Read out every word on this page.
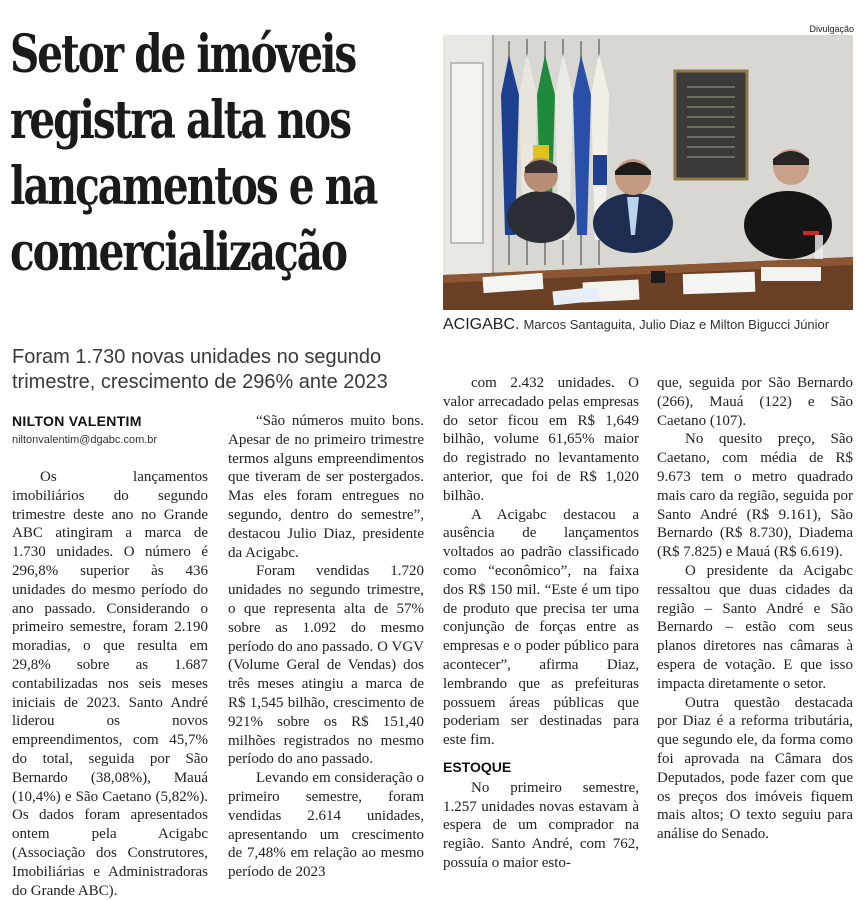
Setor de imóveis
registra alta nos
lançamentos e na
comercialização
Foram 1.730 novas unidades no segundo trimestre, crescimento de 296% ante 2023
Divulgação
ACIGABC. Marcos Santaguita, Julio Diaz e Milton Bigucci Júnior
NILTON VALENTIM
niltonvalentim@dgabc.com.br

Os lançamentos imobiliários do segundo trimestre deste ano no Grande ABC atingiram a marca de 1.730 unidades. O número é 296,8% superior às 436 unidades do mesmo período do ano passado. Considerando o primeiro semestre, foram 2.190 moradias, o que resulta em 29,8% sobre as 1.687 contabilizadas nos seis meses iniciais de 2023. Santo André liderou os novos empreendimentos, com 45,7% do total, seguida por São Bernardo (38,08%), Mauá (10,4%) e São Caetano (5,82%). Os dados foram apresentados ontem pela Acigabc (Associação dos Construtores, Imobiliárias e Administradoras do Grande ABC).

“São números muito bons. Apesar de no primeiro trimestre termos alguns empreendimentos que tiveram de ser postergados. Mas eles foram entregues no segundo, dentro do semestre”, destacou Julio Diaz, presidente da Acigabc.

Foram vendidas 1.720 unidades no segundo trimestre, o que representa alta de 57% sobre as 1.092 do mesmo período do ano passado. O VGV (Volume Geral de Vendas) dos três meses atingiu a marca de R$ 1,545 bilhão, crescimento de 921% sobre os R$ 151,40 milhões registrados no mesmo período do ano passado.

Levando em consideração o primeiro semestre, foram vendidas 2.614 unidades, apresentando um crescimento de 7,48% em relação ao mesmo período de 2023

com 2.432 unidades. O valor arrecadado pelas empresas do setor ficou em R$ 1,649 bilhão, volume 61,65% maior do registrado no levantamento anterior, que foi de R$ 1,020 bilhão.

A Acigabc destacou a ausência de lançamentos voltados ao padrão classificado como “econômico”, na faixa dos R$ 150 mil. “Este é um tipo de produto que precisa ter uma conjunção de forças entre as empresas e o poder público para acontecer”, afirma Diaz, lembrando que as prefeituras possuem áreas públicas que poderiam ser destinadas para este fim.

ESTOQUE

No primeiro semestre, 1.257 unidades novas estavam à espera de um comprador na região. Santo André, com 762, possuía o maior esto-

que, seguida por São Bernardo (266), Mauá (122) e São Caetano (107).

No quesito preço, São Caetano, com média de R$ 9.673 tem o metro quadrado mais caro da região, seguida por Santo André (R$ 9.161), São Bernardo (R$ 8.730), Diadema (R$ 7.825) e Mauá (R$ 6.619).

O presidente da Acigabc ressaltou que duas cidades da região – Santo André e São Bernardo – estão com seus planos diretores nas câmaras à espera de votação. E que isso impacta diretamente o setor.

Outra questão destacada por Diaz é a reforma tributária, que segundo ele, da forma como foi aprovada na Câmara dos Deputados, pode fazer com que os preços dos imóveis fiquem mais altos; O texto seguiu para análise do Senado.
